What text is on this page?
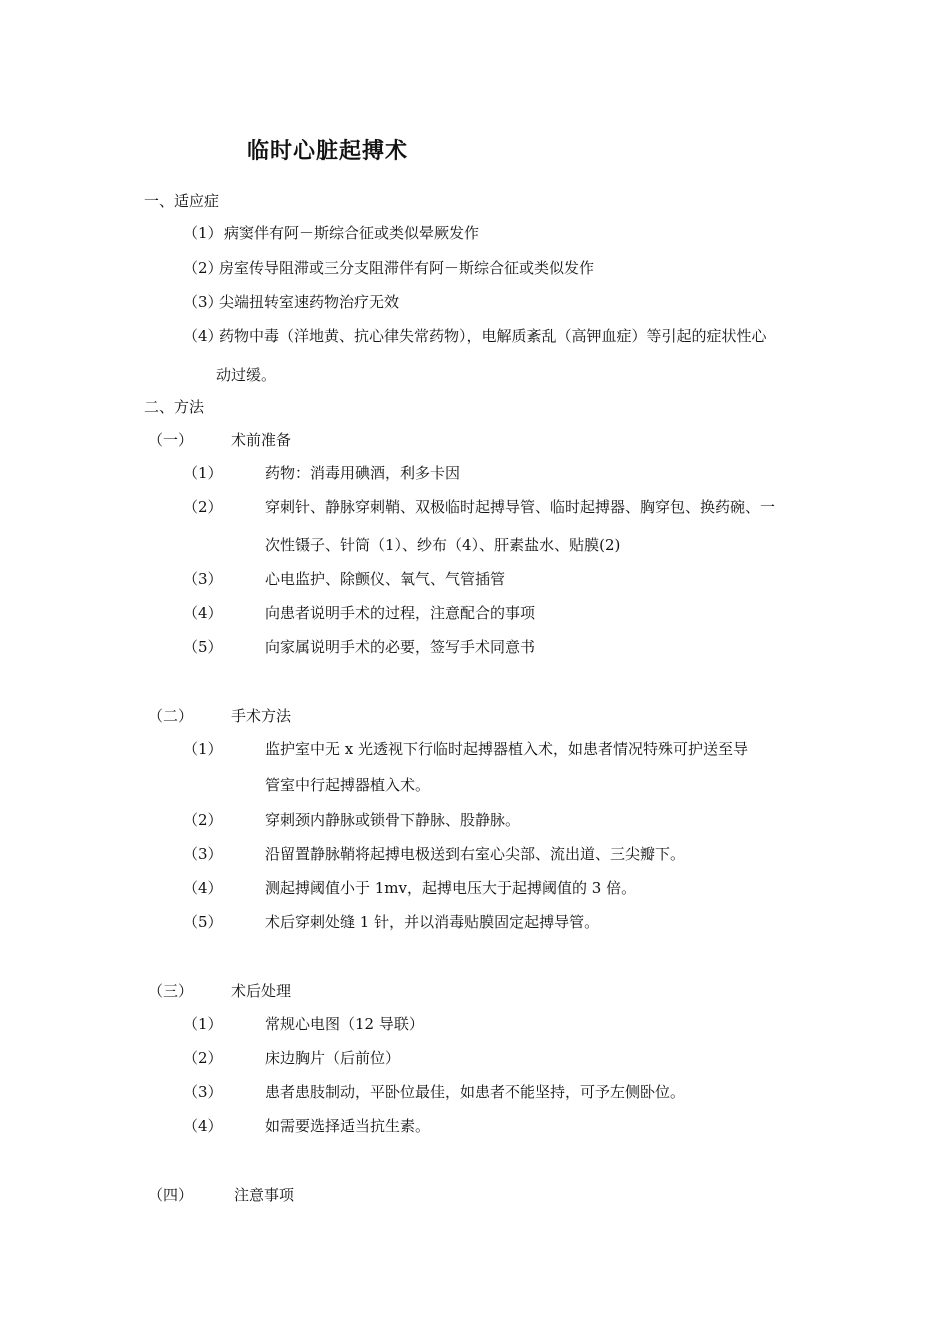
临时心脏起搏术
一、适应症
（1） 病窦伴有阿－斯综合征或类似晕厥发作
（2）
房室传导阻滞或三分支阻滞伴有阿－斯综合征或类似发作
（3）
尖端扭转室速药物治疗无效
（4）
药物中毒（洋地黄、抗心律失常药物），电解质紊乱（高钾血症）等引起的症状性心
动过缓。
二、方法
（一）	术前准备
（1）	药物：消毒用碘酒，利多卡因
（2）	穿刺针、静脉穿刺鞘、双极临时起搏导管、临时起搏器、胸穿包、换药碗、一
次性镊子、针筒（1）、纱布（4）、肝素盐水、贴膜(2)
（3）	心电监护、除颤仪、氧气、气管插管
（4）	向患者说明手术的过程，注意配合的事项
（5）	向家属说明手术的必要，签写手术同意书
（二）	手术方法
（1）	监护室中无 x 光透视下行临时起搏器植入术，如患者情况特殊可护送至导
管室中行起搏器植入术。
（2）	穿刺颈内静脉或锁骨下静脉、股静脉。
（3）	沿留置静脉鞘将起搏电极送到右室心尖部、流出道、三尖瓣下。
（4）	测起搏阈值小于 1mv，起搏电压大于起搏阈值的 3 倍。
（5）	术后穿刺处缝 1 针，并以消毒贴膜固定起搏导管。
（三）	术后处理
（1）	常规心电图（12 导联）
（2）	床边胸片（后前位）
（3）	患者患肢制动，平卧位最佳，如患者不能坚持，可予左侧卧位。
（4）	如需要选择适当抗生素。
（四）	注意事项
